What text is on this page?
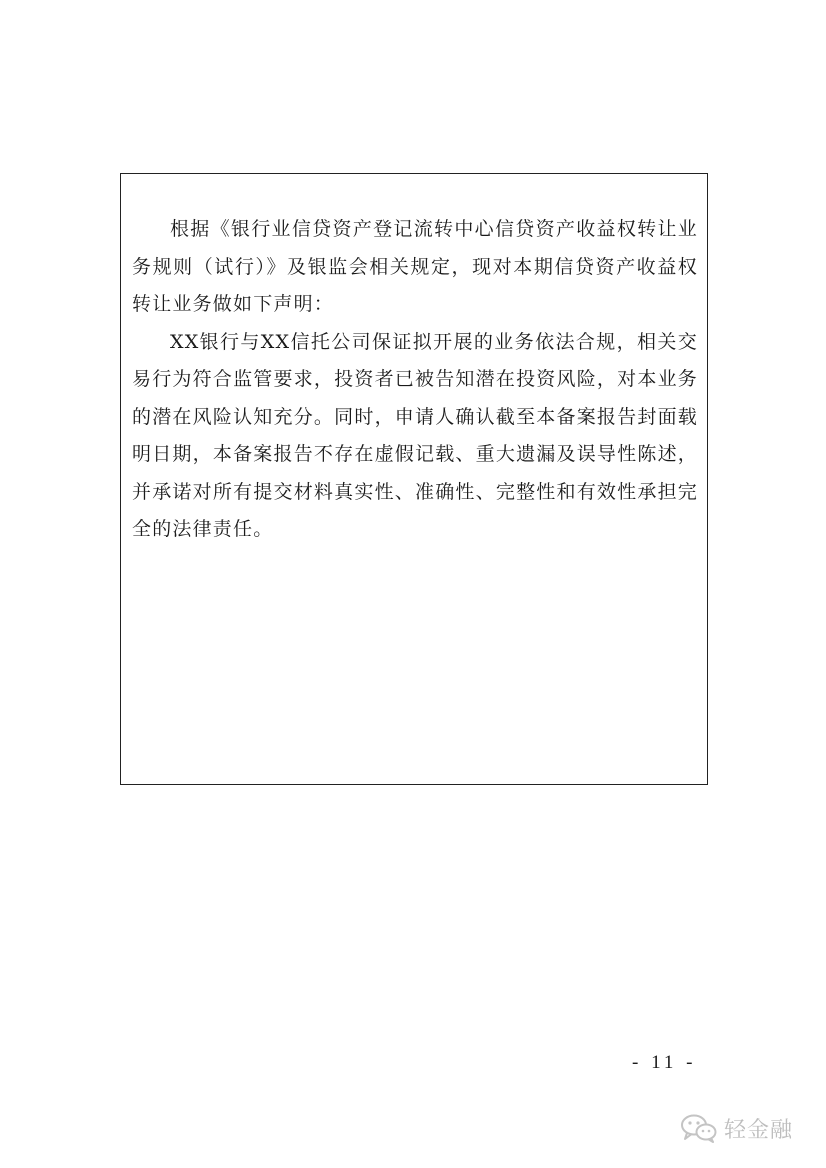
根据《银行业信贷资产登记流转中心信贷资产收益权转让业务规则（试行）》及银监会相关规定，现对本期信贷资产收益权转让业务做如下声明：

XX银行与XX信托公司保证拟开展的业务依法合规，相关交易行为符合监管要求，投资者已被告知潜在投资风险，对本业务的潜在风险认知充分。同时，申请人确认截至本备案报告封面载明日期，本备案报告不存在虚假记载、重大遗漏及误导性陈述，并承诺对所有提交材料真实性、准确性、完整性和有效性承担完全的法律责任。

- 11 -
轻金融
